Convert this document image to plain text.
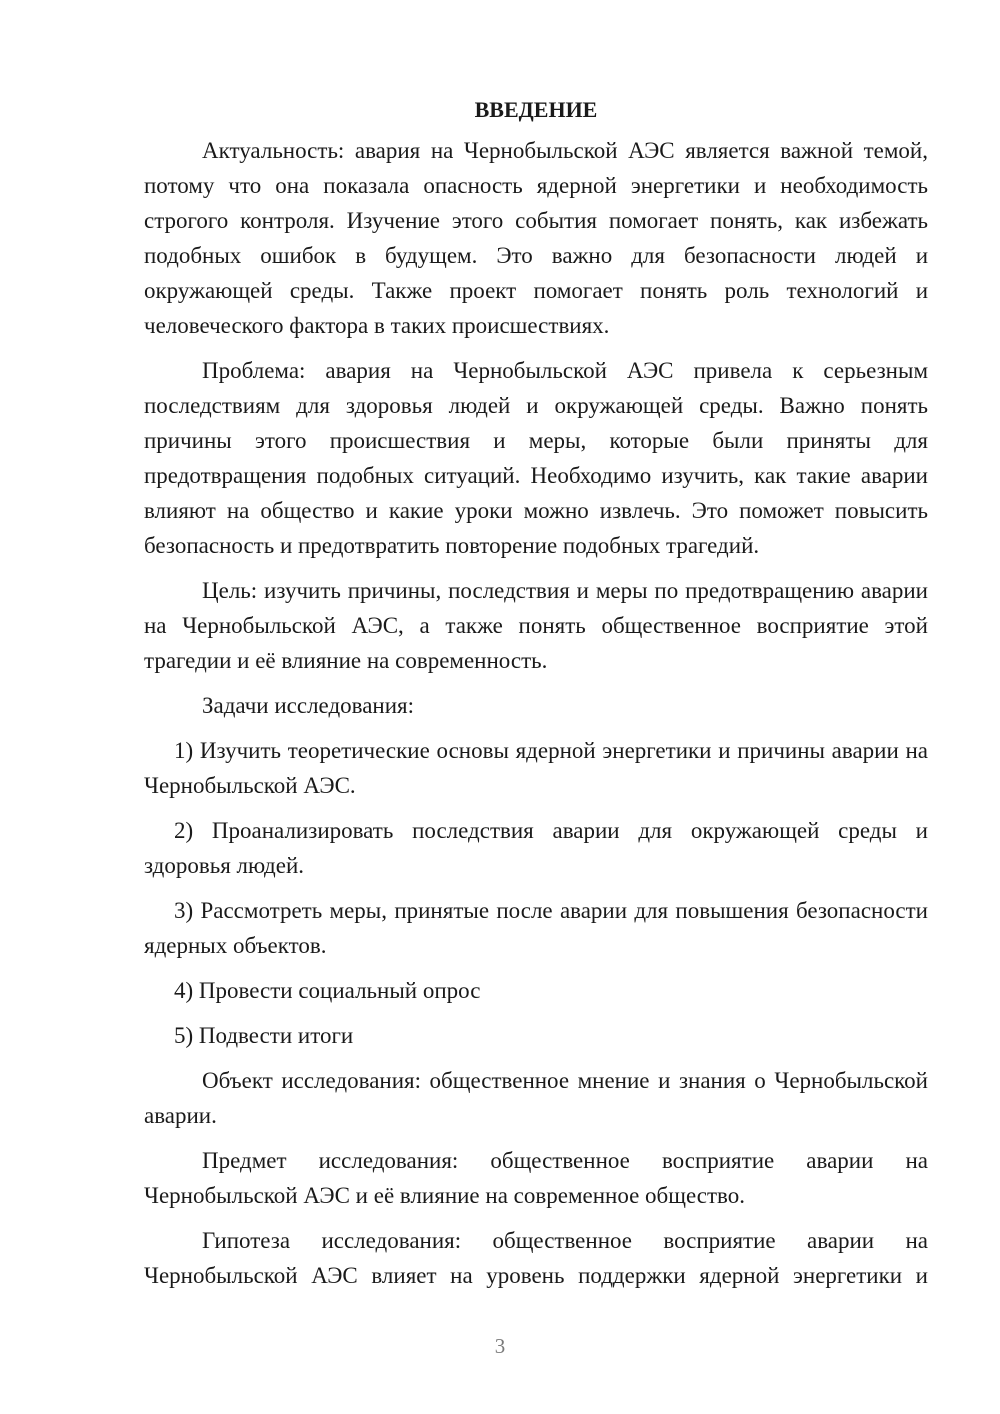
ВВЕДЕНИЕ

Актуальность: авария на Чернобыльской АЭС является важной темой, потому что она показала опасность ядерной энергетики и необходимость строгого контроля. Изучение этого события помогает понять, как избежать подобных ошибок в будущем. Это важно для безопасности людей и окружающей среды. Также проект помогает понять роль технологий и человеческого фактора в таких происшествиях.

Проблема: авария на Чернобыльской АЭС привела к серьезным последствиям для здоровья людей и окружающей среды. Важно понять причины этого происшествия и меры, которые были приняты для предотвращения подобных ситуаций. Необходимо изучить, как такие аварии влияют на общество и какие уроки можно извлечь. Это поможет повысить безопасность и предотвратить повторение подобных трагедий.

Цель: изучить причины, последствия и меры по предотвращению аварии на Чернобыльской АЭС, а также понять общественное восприятие этой трагедии и её влияние на современность.

Задачи исследования:

1) Изучить теоретические основы ядерной энергетики и причины аварии на Чернобыльской АЭС.

2) Проанализировать последствия аварии для окружающей среды и здоровья людей.

3) Рассмотреть меры, принятые после аварии для повышения безопасности ядерных объектов.

4) Провести социальный опрос

5) Подвести итоги

Объект исследования: общественное мнение и знания о Чернобыльской аварии.

Предмет исследования: общественное восприятие аварии на Чернобыльской АЭС и её влияние на современное общество.

Гипотеза исследования: общественное восприятие аварии на Чернобыльской АЭС влияет на уровень поддержки ядерной энергетики и

3
